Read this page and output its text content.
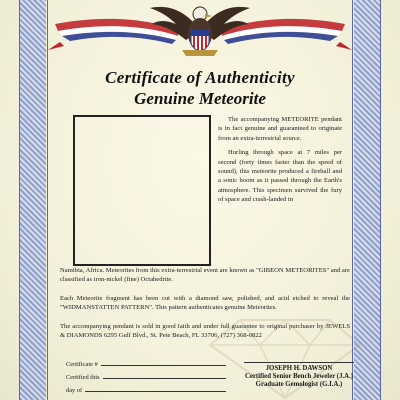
Certificate of Authenticity
Genuine Meteorite

The accompanying METEORITE pendant is in fact genuine and guaranteed to originate from an extra-terrestrial source.

Hurling through space at 7 miles per second (forty times faster than the speed of sound), this meteorite produced a fireball and a sonic boom as it passed through the Earth's atmosphere. This specimen survived the fury of space and crash-landed in

Namibia, Africa. Meteorites from this extra-terrestrial event are known as "GIBEON METEORITES" and are classified as iron-nickel (fine) Octahedrite.

Each Meteorite fragment has been cut with a diamond saw, polished, and acid etched to reveal the "WIDMANSTATTEN PATTERN". This pattern authenticates genuine Meteorites.

The accompanying pendant is sold in good faith and under full guarantee to original purchaser by JEWELS & DIAMONDS 6295 Gulf Blvd., St. Pete Beach, FL 33706, (727) 368-0822

Certificate #
Certified this
day of
JOSEPH H. DAWSON
Certified Senior Bench Jeweler (J.A.)
Graduate Gemologist (G.I.A.)
